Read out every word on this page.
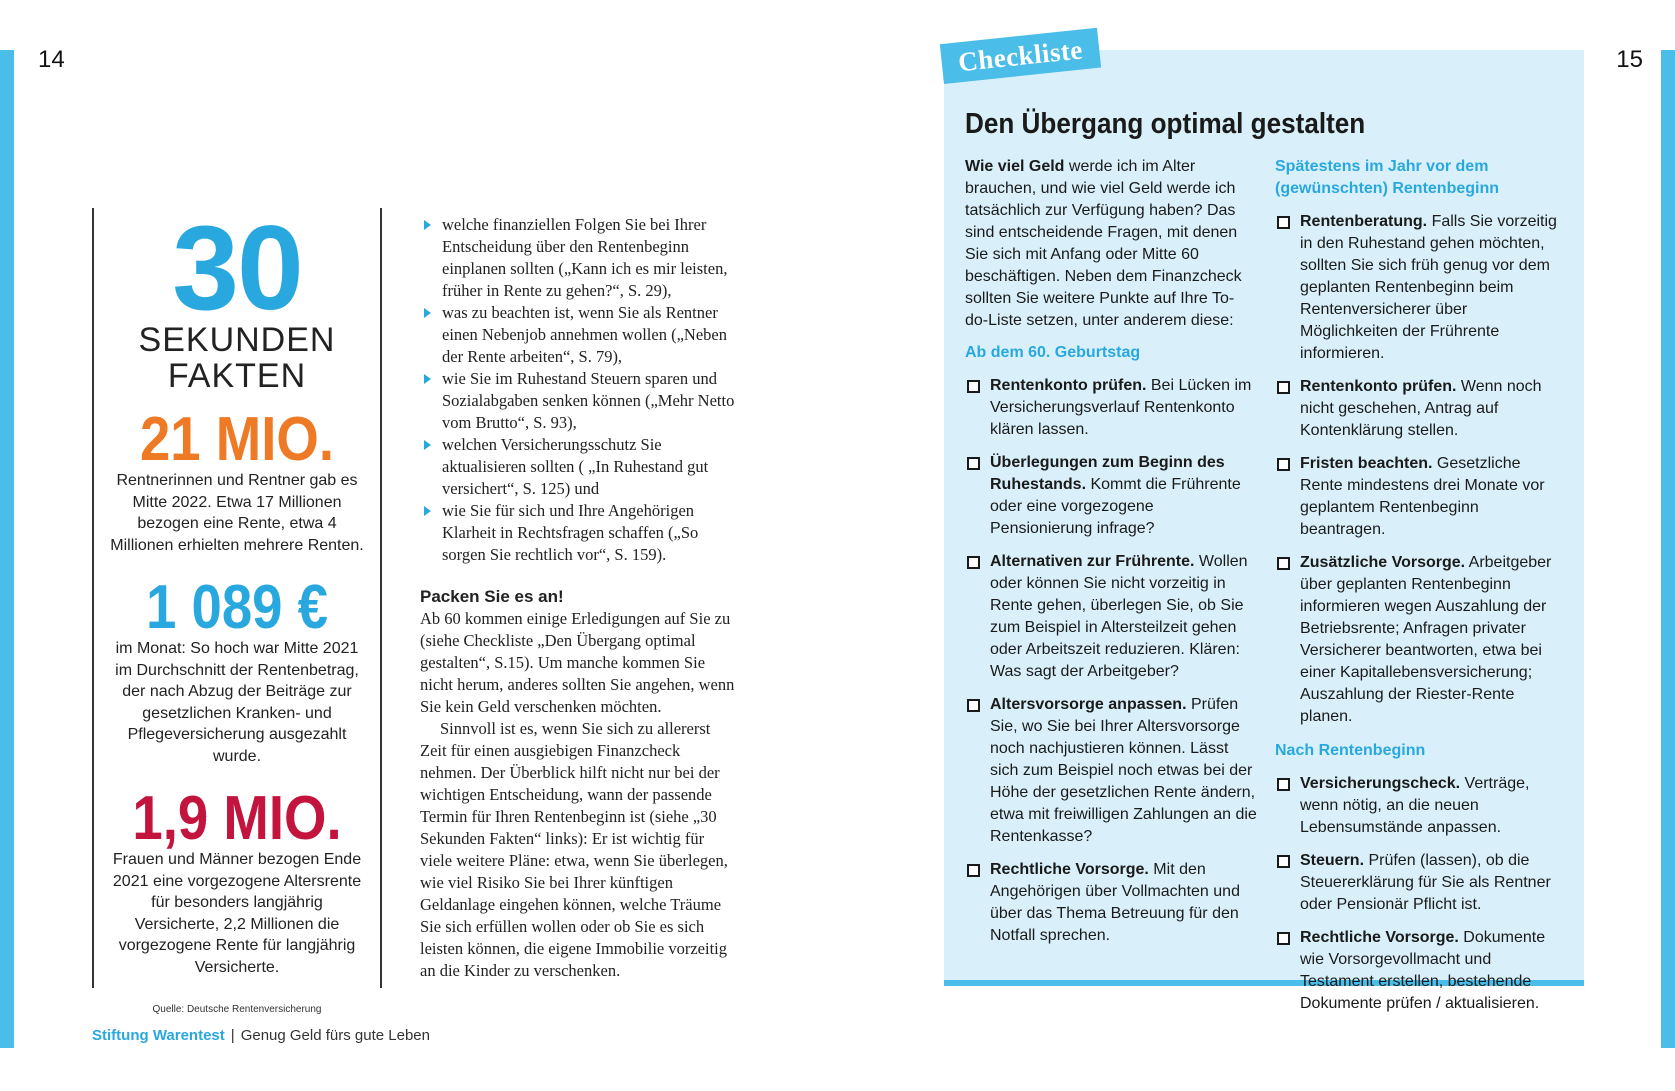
14	15
30
SEKUNDEN
FAKTEN
21 MIO.
Rentnerinnen und Rentner gab es Mitte 2022. Etwa 17 Millionen bezogen eine Rente, etwa 4 Millionen erhielten mehrere Renten.
1 089 €
im Monat: So hoch war Mitte 2021 im Durchschnitt der Rentenbetrag, der nach Abzug der Beiträge zur gesetzlichen Kranken- und Pflegeversicherung ausgezahlt wurde.
1,9 MIO.
Frauen und Männer bezogen Ende 2021 eine vorgezogene Altersrente für besonders langjährig Versicherte, 2,2 Millionen die vorgezogene Rente für langjährig Versicherte.
Quelle: Deutsche Rentenversicherung
welche finanziellen Folgen Sie bei Ihrer Entscheidung über den Rentenbeginn einplanen sollten („Kann ich es mir leisten, früher in Rente zu gehen?“, S. 29),
was zu beachten ist, wenn Sie als Rentner einen Nebenjob annehmen wollen („Neben der Rente arbeiten“, S. 79),
wie Sie im Ruhestand Steuern sparen und Sozialabgaben senken können („Mehr Netto vom Brutto“, S. 93),
welchen Versicherungsschutz Sie aktualisieren sollten ( „In Ruhestand gut versichert“, S. 125) und
wie Sie für sich und Ihre Angehörigen Klarheit in Rechtsfragen schaffen („So sorgen Sie rechtlich vor“, S. 159).
Packen Sie es an!

Ab 60 kommen einige Erledigungen auf Sie zu (siehe Checkliste „Den Übergang optimal gestalten“, S.15). Um manche kommen Sie nicht herum, anderes sollten Sie angehen, wenn Sie kein Geld verschenken möchten.

Sinnvoll ist es, wenn Sie sich zu allererst Zeit für einen ausgiebigen Finanzcheck nehmen. Der Überblick hilft nicht nur bei der wichtigen Entscheidung, wann der passende Termin für Ihren Rentenbeginn ist (siehe „30 Sekunden Fakten“ links): Er ist wichtig für viele weitere Pläne: etwa, wenn Sie überlegen, wie viel Risiko Sie bei Ihrer künftigen Geldanlage eingehen können, welche Träume Sie sich erfüllen wollen oder ob Sie es sich leisten können, die eigene Immobilie vorzeitig an die Kinder zu verschenken.

Stiftung Warentest | Genug Geld fürs gute Leben
Checkliste
Den Übergang optimal gestalten

Wie viel Geld werde ich im Alter brauchen, und wie viel Geld werde ich tatsächlich zur Verfügung haben? Das sind entscheidende Fragen, mit denen Sie sich mit Anfang oder Mitte 60 beschäftigen. Neben dem Finanzcheck sollten Sie weitere Punkte auf Ihre To-do-Liste setzen, unter anderem diese:

Ab dem 60. Geburtstag
Rentenkonto prüfen. Bei Lücken im Versicherungsverlauf Rentenkonto klären lassen.
Überlegungen zum Beginn des Ruhestands. Kommt die Frührente oder eine vorgezogene Pensionierung infrage?
Alternativen zur Frührente. Wollen oder können Sie nicht vorzeitig in Rente gehen, überlegen Sie, ob Sie zum Beispiel in Altersteilzeit gehen oder Arbeitszeit reduzieren. Klären: Was sagt der Arbeitgeber?
Altersvorsorge anpassen. Prüfen Sie, wo Sie bei Ihrer Altersvorsorge noch nachjustieren können. Lässt sich zum Beispiel noch etwas bei der Höhe der gesetzlichen Rente ändern, etwa mit freiwilligen Zahlungen an die Rentenkasse?
Rechtliche Vorsorge. Mit den Angehörigen über Vollmachten und über das Thema Betreuung für den Notfall sprechen.
Spätestens im Jahr vor dem (gewünschten) Rentenbeginn
Rentenberatung. Falls Sie vorzeitig in den Ruhestand gehen möchten, sollten Sie sich früh genug vor dem geplanten Rentenbeginn beim Rentenversicherer über Möglichkeiten der Frührente informieren.
Rentenkonto prüfen. Wenn noch nicht geschehen, Antrag auf Kontenklärung stellen.
Fristen beachten. Gesetzliche Rente mindestens drei Monate vor geplantem Rentenbeginn beantragen.
Zusätzliche Vorsorge. Arbeitgeber über geplanten Rentenbeginn informieren wegen Auszahlung der Betriebsrente; Anfragen privater Versicherer beantworten, etwa bei einer Kapitallebensversicherung; Auszahlung der Riester-Rente planen.
Nach Rentenbeginn
Versicherungscheck. Verträge, wenn nötig, an die neuen Lebensumstände anpassen.
Steuern. Prüfen (lassen), ob die Steuererklärung für Sie als Rentner oder Pensionär Pflicht ist.
Rechtliche Vorsorge. Dokumente wie Vorsorgevollmacht und Testament erstellen, bestehende Dokumente prüfen / aktualisieren.
